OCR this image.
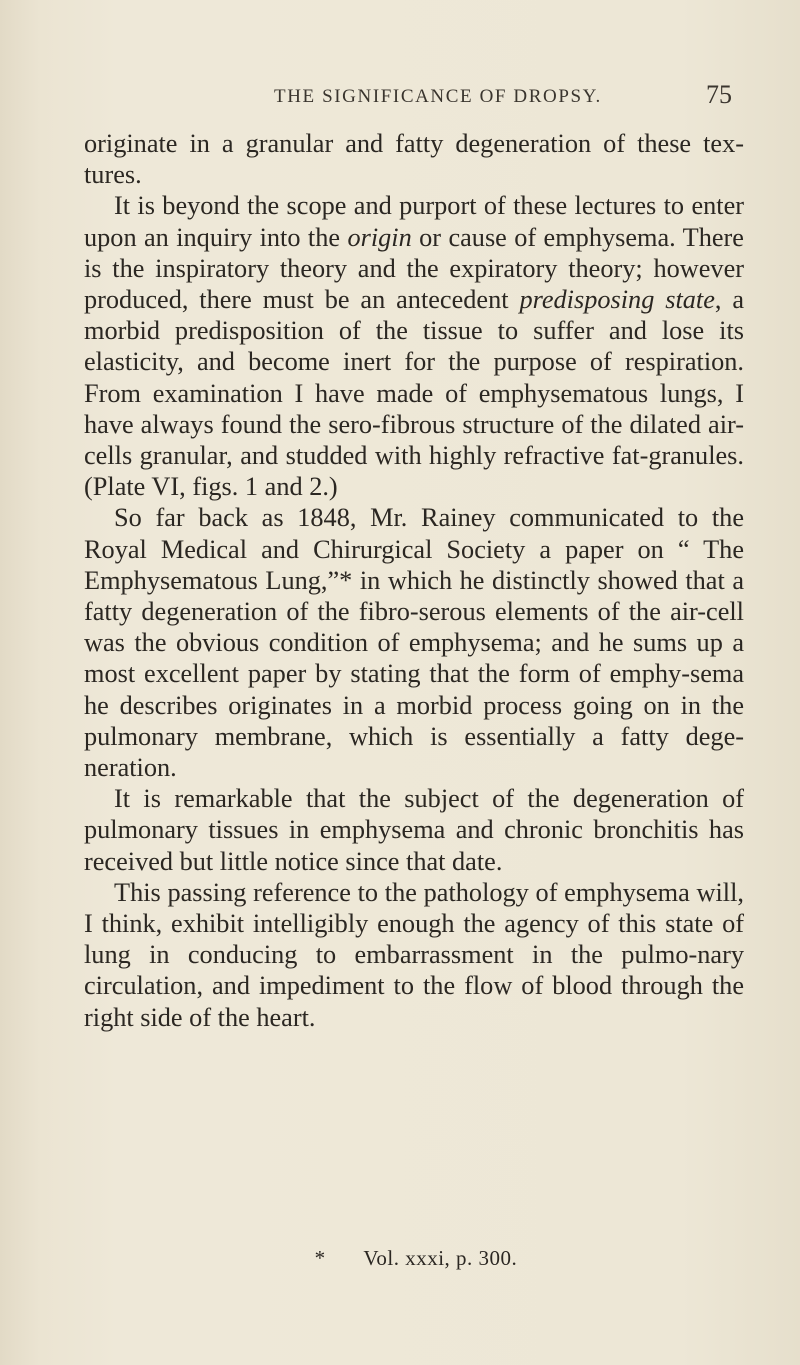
THE SIGNIFICANCE OF DROPSY.	75

originate in a granular and fatty degeneration of these tex-tures.

It is beyond the scope and purport of these lectures to enter upon an inquiry into the origin or cause of emphysema. There is the inspiratory theory and the expiratory theory; however produced, there must be an antecedent predisposing state, a morbid predisposition of the tissue to suffer and lose its elasticity, and become inert for the purpose of respiration. From examination I have made of emphysematous lungs, I have always found the sero-fibrous structure of the dilated air-cells granular, and studded with highly refractive fat-granules. (Plate VI, figs. 1 and 2.)

So far back as 1848, Mr. Rainey communicated to the Royal Medical and Chirurgical Society a paper on “ The Emphysematous Lung,”* in which he distinctly showed that a fatty degeneration of the fibro-serous elements of the air-cell was the obvious condition of emphysema; and he sums up a most excellent paper by stating that the form of emphy-sema he describes originates in a morbid process going on in the pulmonary membrane, which is essentially a fatty dege-neration.

It is remarkable that the subject of the degeneration of pulmonary tissues in emphysema and chronic bronchitis has received but little notice since that date.

This passing reference to the pathology of emphysema will, I think, exhibit intelligibly enough the agency of this state of lung in conducing to embarrassment in the pulmo-nary circulation, and impediment to the flow of blood through the right side of the heart.

* Vol. xxxi, p. 300.
